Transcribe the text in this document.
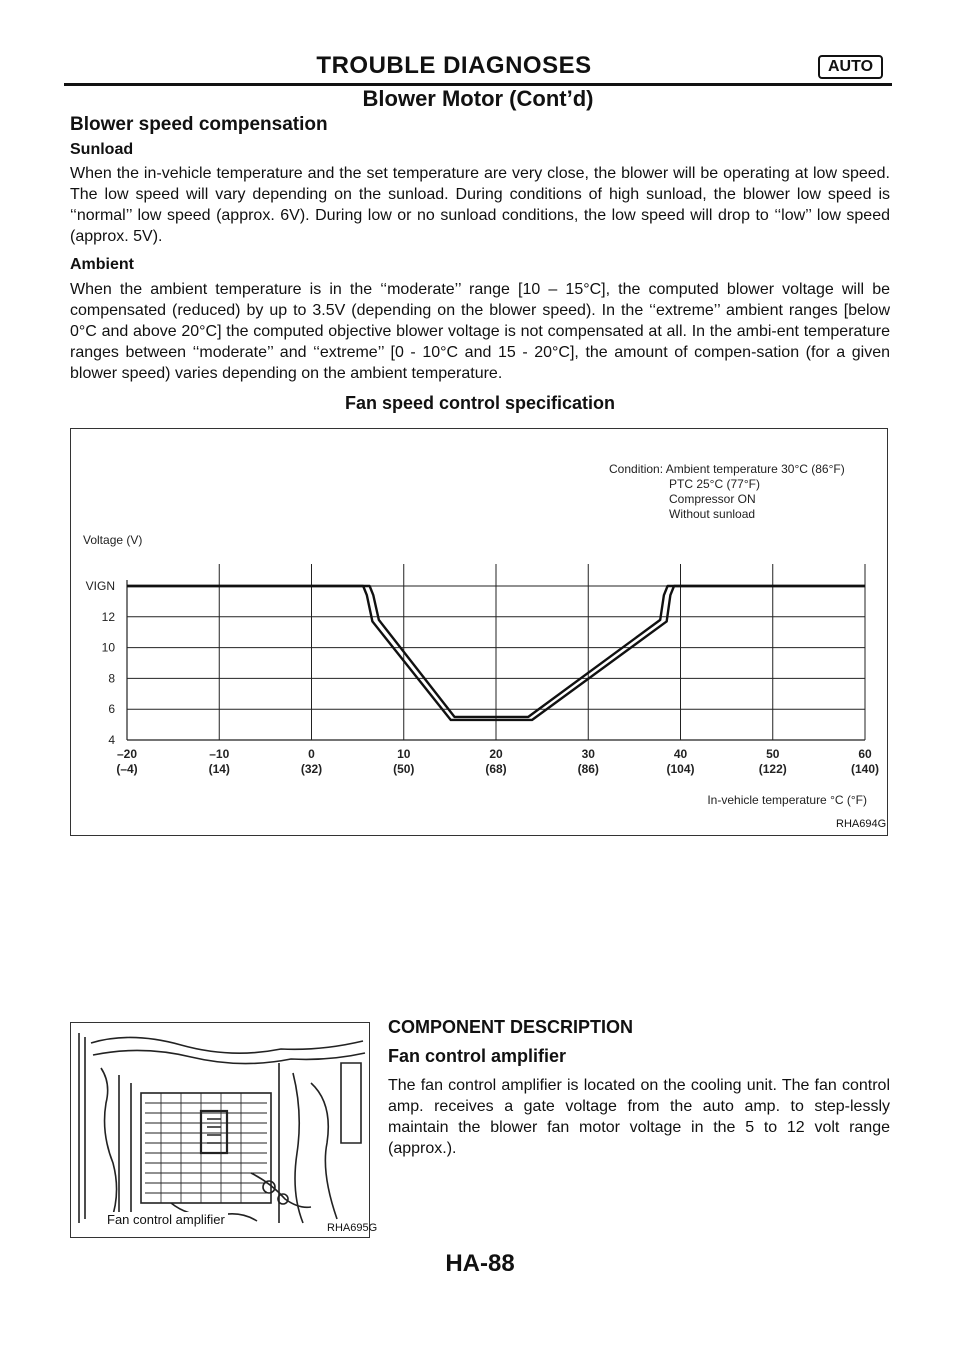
TROUBLE DIAGNOSES	AUTO
Blower Motor (Cont’d)
Blower speed compensation
Sunload
When the in-vehicle temperature and the set temperature are very close, the blower will be operating at low speed. The low speed will vary depending on the sunload. During conditions of high sunload, the blower low speed is ‘‘normal’’ low speed (approx. 6V). During low or no sunload conditions, the low speed will drop to ‘‘low’’ low speed (approx. 5V).
Ambient
When the ambient temperature is in the ‘‘moderate’’ range [10 – 15°C], the computed blower voltage will be compensated (reduced) by up to 3.5V (depending on the blower speed). In the ‘‘extreme’’ ambient ranges [below 0°C and above 20°C] the computed objective blower voltage is not compensated at all. In the ambi-ent temperature ranges between ‘‘moderate’’ and ‘‘extreme’’ [0 - 10°C and 15 - 20°C], the amount of compen-sation (for a given blower speed) varies depending on the ambient temperature.
Fan speed control specification
Condition: Ambient temperature 30°C (86°F)
PTC 25°C (77°F)
Compressor ON
Without sunload
Voltage (V)
VIGN
12
10
8
6
4
–20
(–4)
–10
(14)
0
(32)
10
(50)
20
(68)
30
(86)
40
(104)
50
(122)
60
(140)
In-vehicle temperature °C (°F)
RHA694G
COMPONENT DESCRIPTION
Fan control amplifier
The fan control amplifier is located on the cooling unit. The fan control amp. receives a gate voltage from the auto amp. to step-lessly maintain the blower fan motor voltage in the 5 to 12 volt range (approx.).
Fan control amplifier
RHA695G
HA-88
